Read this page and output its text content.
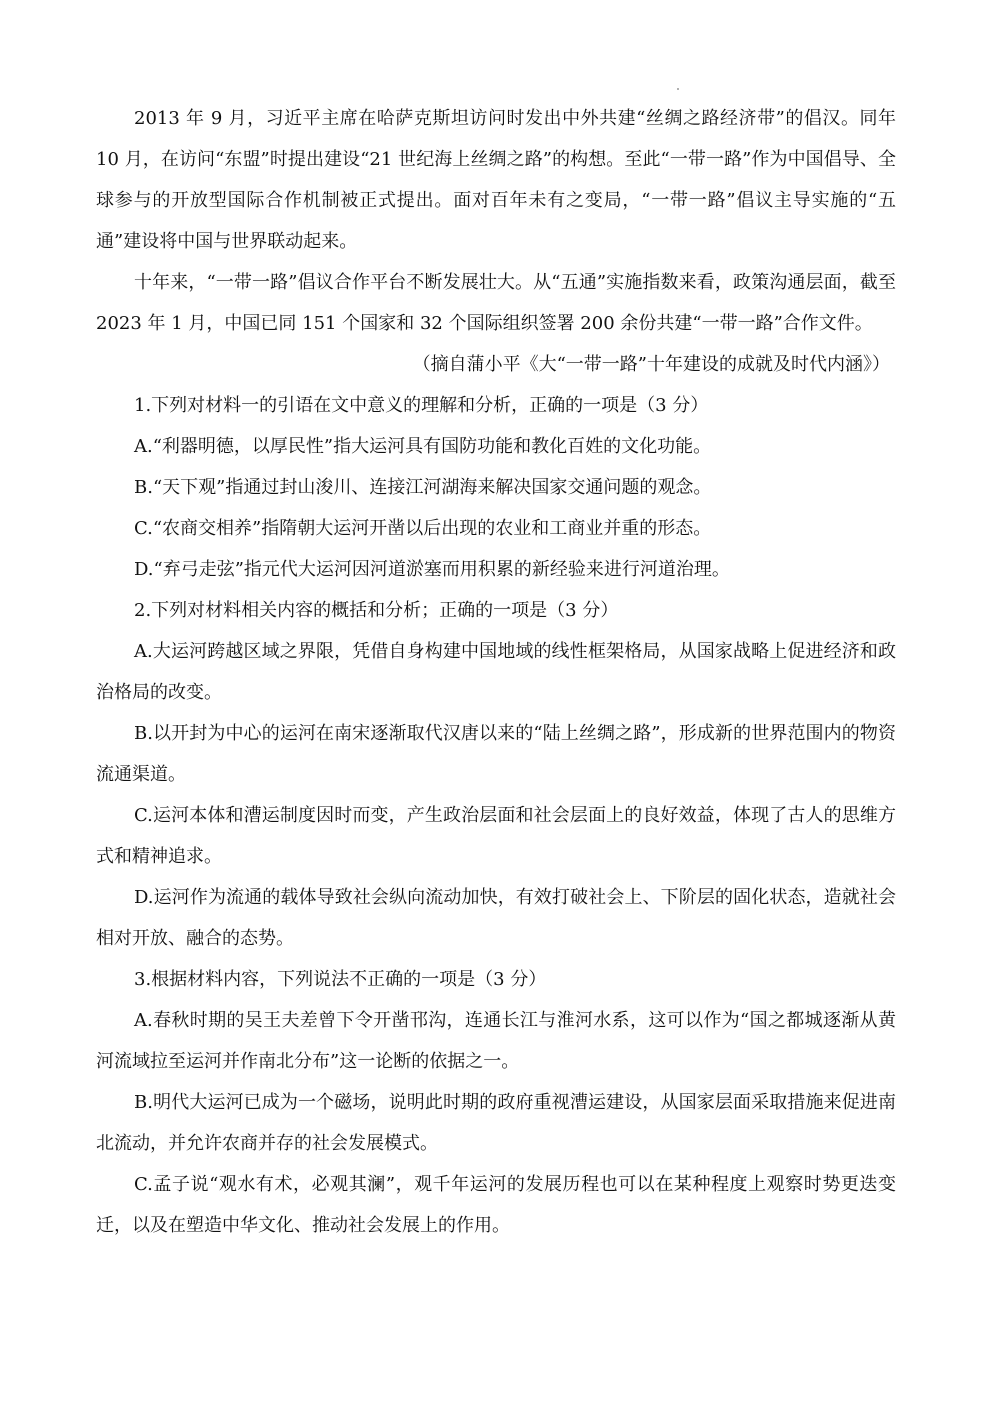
2013 年 9 月，习近平主席在哈萨克斯坦访问时发出中外共建“丝绸之路经济带”的倡汉。同年 10 月，在访问“东盟”时提出建设“21 世纪海上丝绸之路”的构想。至此“一带一路”作为中国倡导、全球参与的开放型国际合作机制被正式提出。面对百年未有之变局，“一带一路”倡议主导实施的“五通”建设将中国与世界联动起来。

十年来，“一带一路”倡议合作平台不断发展壮大。从“五通”实施指数来看，政策沟通层面，截至 2023 年 1 月，中国已同 151 个国家和 32 个国际组织签署 200 余份共建“一带一路”合作文件。

（摘自蒲小平《大“一带一路”十年建设的成就及时代内涵》）

1.下列对材料一的引语在文中意义的理解和分析，正确的一项是（3 分）

A.“利器明德，以厚民性”指大运河具有国防功能和教化百姓的文化功能。

B.“天下观”指通过封山浚川、连接江河湖海来解决国家交通问题的观念。

C.“农商交相养”指隋朝大运河开凿以后出现的农业和工商业并重的形态。

D.“弃弓走弦”指元代大运河因河道淤塞而用积累的新经验来进行河道治理。

2.下列对材料相关内容的概括和分析；正确的一项是（3 分）

A.大运河跨越区域之界限，凭借自身构建中国地域的线性框架格局，从国家战略上促进经济和政治格局的改变。

B.以开封为中心的运河在南宋逐渐取代汉唐以来的“陆上丝绸之路”，形成新的世界范围内的物资流通渠道。

C.运河本体和漕运制度因时而变，产生政治层面和社会层面上的良好效益，体现了古人的思维方式和精神追求。

D.运河作为流通的载体导致社会纵向流动加快，有效打破社会上、下阶层的固化状态，造就社会相对开放、融合的态势。

3.根据材料内容，下列说法不正确的一项是（3 分）

A.春秋时期的吴王夫差曾下令开凿邗沟，连通长江与淮河水系，这可以作为“国之都城逐渐从黄河流域拉至运河并作南北分布”这一论断的依据之一。

B.明代大运河已成为一个磁场，说明此时期的政府重视漕运建设，从国家层面采取措施来促进南北流动，并允许农商并存的社会发展模式。

C.孟子说“观水有术，必观其澜”，观千年运河的发展历程也可以在某种程度上观察时势更迭变迁，以及在塑造中华文化、推动社会发展上的作用。
